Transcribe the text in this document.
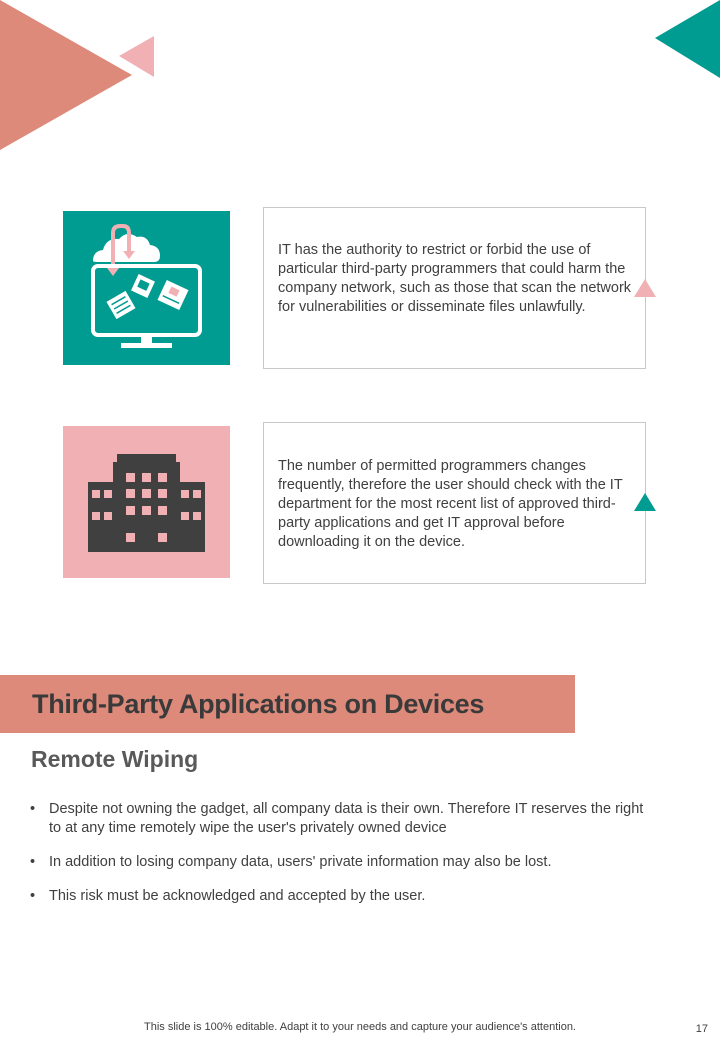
IT has the authority to restrict or forbid the use of particular third-party programmers that could harm the company network, such as those that scan the network for vulnerabilities or disseminate files unlawfully.
The number of permitted programmers changes frequently, therefore the user should check with the IT department for the most recent list of approved third-party applications and get IT approval before downloading it on the device.
Third-Party Applications on Devices
Remote Wiping
• Despite not owning the gadget, all company data is their own. Therefore IT reserves the right to at any time remotely wipe the user's privately owned device
• In addition to losing company data, users' private information may also be lost.
• This risk must be acknowledged and accepted by the user.
This slide is 100% editable. Adapt it to your needs and capture your audience's attention.	17
